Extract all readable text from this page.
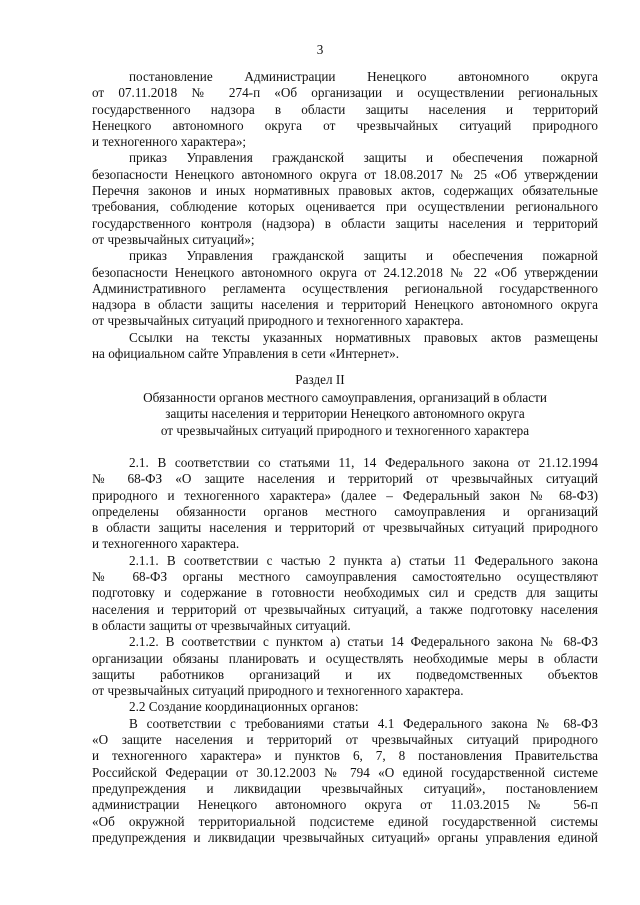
3

постановление Администрации Ненецкого автономного округа

от 07.11.2018 № 274-п «Об организации и осуществлении региональных

государственного надзора в области защиты населения и территорий

Ненецкого автономного округа от чрезвычайных ситуаций природного

и техногенного характера»;

приказ Управления гражданской защиты и обеспечения пожарной

безопасности Ненецкого автономного округа от 18.08.2017 № 25 «Об утверждении

Перечня законов и иных нормативных правовых актов, содержащих обязательные

требования, соблюдение которых оценивается при осуществлении регионального

государственного контроля (надзора) в области защиты населения и территорий

от чрезвычайных ситуаций»;

приказ Управления гражданской защиты и обеспечения пожарной

безопасности Ненецкого автономного округа от 24.12.2018 № 22 «Об утверждении

Административного регламента осуществления региональной государственного

надзора в области защиты населения и территорий Ненецкого автономного округа

от чрезвычайных ситуаций природного и техногенного характера.

Ссылки на тексты указанных нормативных правовых актов размещены

на официальном сайте Управления в сети «Интернет».

Раздел II

Обязанности органов местного самоуправления, организаций в области

защиты населения и территории Ненецкого автономного округа

от чрезвычайных ситуаций природного и техногенного характера

2.1. В соответствии со статьями 11, 14 Федерального закона от 21.12.1994

№ 68-ФЗ «О защите населения и территорий от чрезвычайных ситуаций

природного и техногенного характера» (далее – Федеральный закон № 68-ФЗ)

определены обязанности органов местного самоуправления и организаций

в области защиты населения и территорий от чрезвычайных ситуаций природного

и техногенного характера.

2.1.1. В соответствии с частью 2 пункта а) статьи 11 Федерального закона

№ 68-ФЗ органы местного самоуправления самостоятельно осуществляют

подготовку и содержание в готовности необходимых сил и средств для защиты

населения и территорий от чрезвычайных ситуаций, а также подготовку населения

в области защиты от чрезвычайных ситуаций.

2.1.2. В соответствии с пунктом а) статьи 14 Федерального закона № 68-ФЗ

организации обязаны планировать и осуществлять необходимые меры в области

защиты работников организаций и их подведомственных объектов

от чрезвычайных ситуаций природного и техногенного характера.

2.2 Создание координационных органов:

В соответствии с требованиями статьи 4.1 Федерального закона № 68-ФЗ

«О защите населения и территорий от чрезвычайных ситуаций природного

и техногенного характера» и пунктов 6, 7, 8 постановления Правительства

Российской Федерации от 30.12.2003 № 794 «О единой государственной системе

предупреждения и ликвидации чрезвычайных ситуаций», постановлением

администрации Ненецкого автономного округа от 11.03.2015 № 56-п

«Об окружной территориальной подсистеме единой государственной системы

предупреждения и ликвидации чрезвычайных ситуаций» органы управления единой
